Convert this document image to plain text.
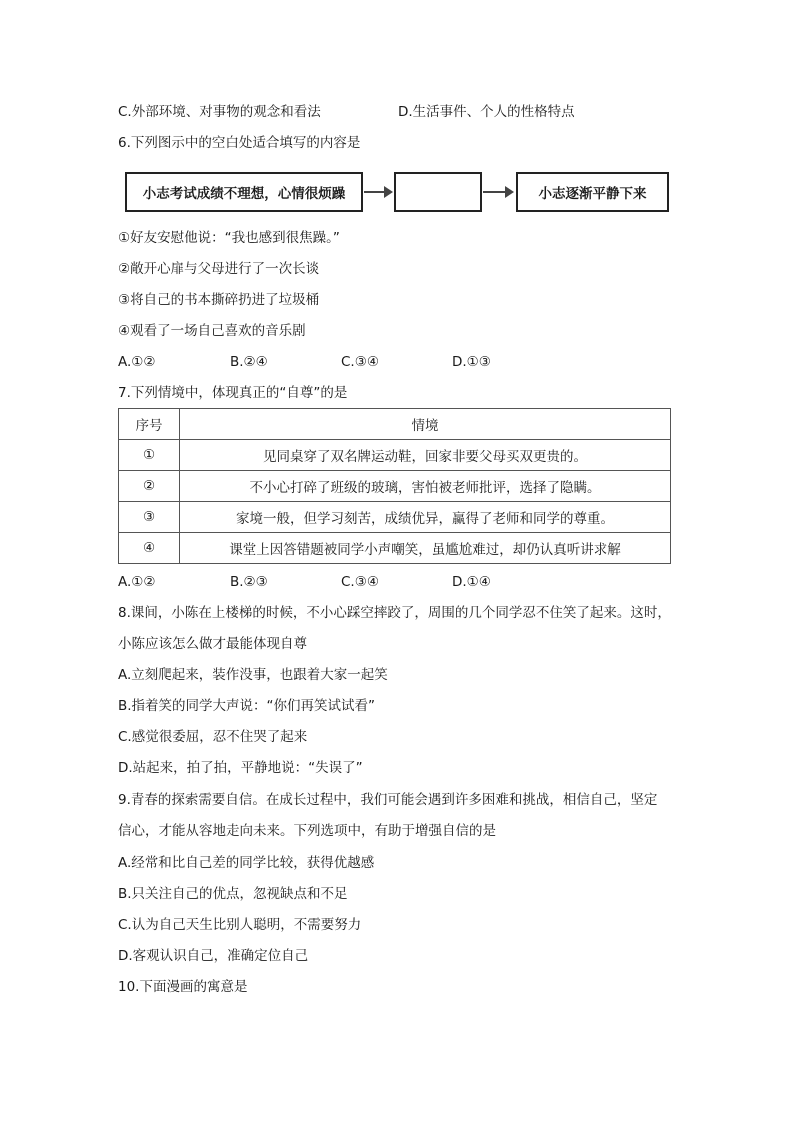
C.外部环境、对事物的观念和看法	D.生活事件、个人的性格特点
6.下列图示中的空白处适合填写的内容是
小志考试成绩不理想，心情很烦躁	小志逐渐平静下来
①好友安慰他说：“我也感到很焦躁。”
②敞开心扉与父母进行了一次长谈
③将自己的书本撕碎扔进了垃圾桶
④观看了一场自己喜欢的音乐剧
A.①②	B.②④	C.③④	D.①③
7.下列情境中，体现真正的“自尊”的是
序号	情境
①	见同桌穿了双名牌运动鞋，回家非要父母买双更贵的。
②	不小心打碎了班级的玻璃，害怕被老师批评，选择了隐瞒。
③	家境一般，但学习刻苦，成绩优异，赢得了老师和同学的尊重。
④	课堂上因答错题被同学小声嘲笑，虽尴尬难过，却仍认真听讲求解
A.①②	B.②③	C.③④	D.①④
8.课间，小陈在上楼梯的时候，不小心踩空摔跤了，周围的几个同学忍不住笑了起来。这时，
小陈应该怎么做才最能体现自尊
A.立刻爬起来，装作没事，也跟着大家一起笑
B.指着笑的同学大声说：“你们再笑试试看”
C.感觉很委屈，忍不住哭了起来
D.站起来，拍了拍，平静地说：“失误了”
9.青春的探索需要自信。在成长过程中，我们可能会遇到许多困难和挑战，相信自己，坚定
信心，才能从容地走向未来。下列选项中，有助于增强自信的是
A.经常和比自己差的同学比较，获得优越感
B.只关注自己的优点，忽视缺点和不足
C.认为自己天生比别人聪明，不需要努力
D.客观认识自己，准确定位自己
10.下面漫画的寓意是
